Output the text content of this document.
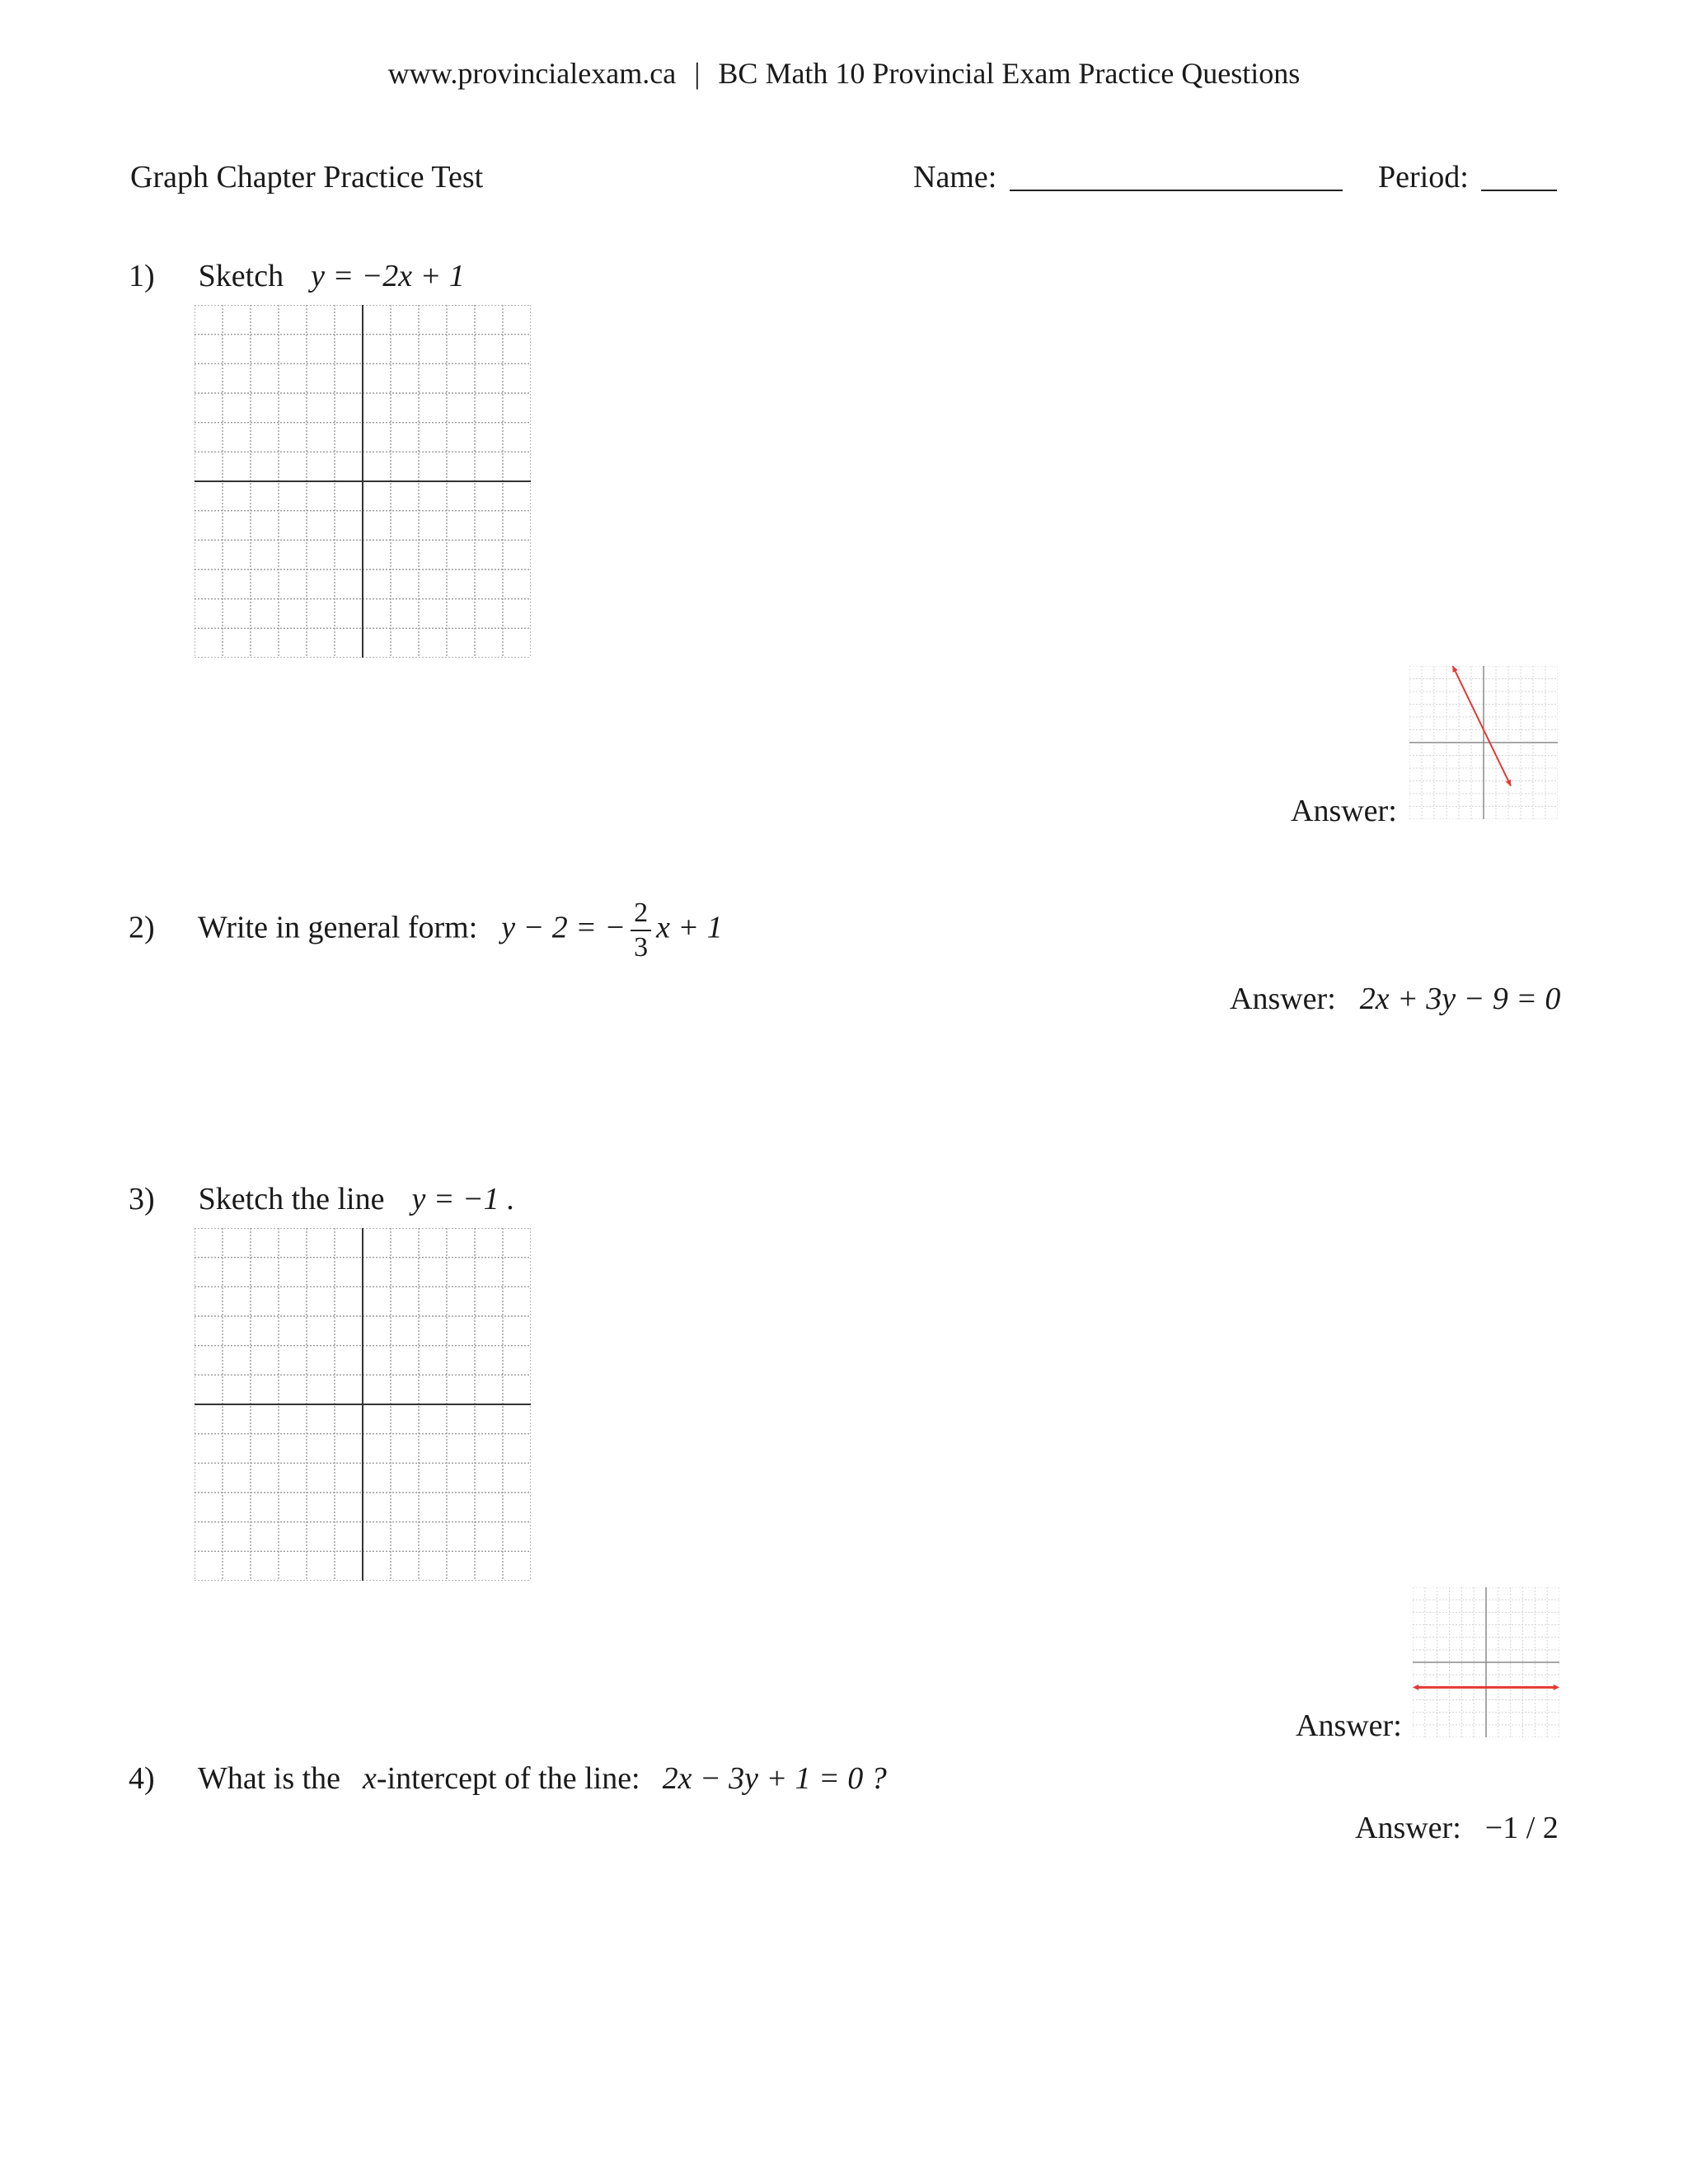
www.provincialexam.ca | BC Math 10 Provincial Exam Practice Questions
Graph Chapter Practice Test	Name:	Period:
1) Sketch y = −2x + 1
Answer:
2) Write in general form: y − 2 = − $\frac{2}{3}$ x + 1
Answer: 2x + 3y − 9 = 0
3) Sketch the line y = −1 .
Answer:
4) What is the x-intercept of the line: 2x − 3y + 1 = 0 ?
Answer: −1 / 2
